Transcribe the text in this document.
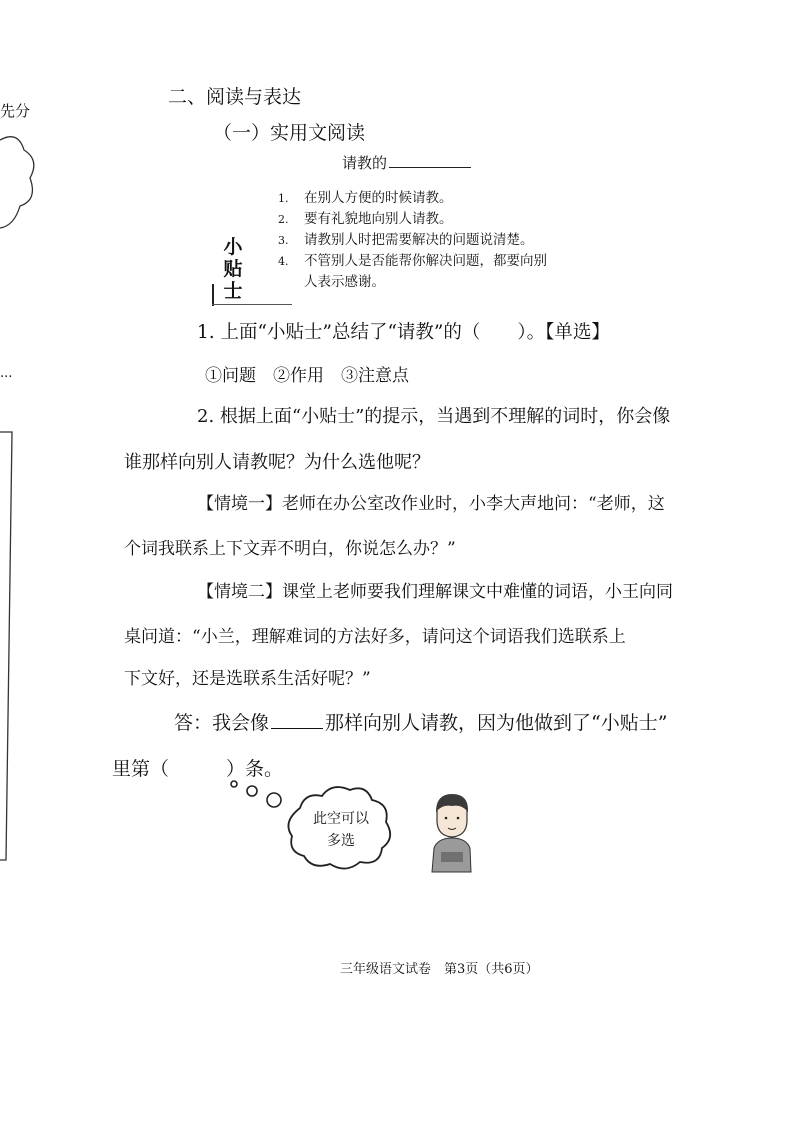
先分
...
二、阅读与表达
（一）实用文阅读
请教的
1. 在别人方便的时候请教。
2. 要有礼貌地向别人请教。
3. 请教别人时把需要解决的问题说清楚。
4. 不管别人是否能帮你解决问题，都要向别
人表示感谢。
小贴士
1. 上面“小贴士”总结了“请教”的（　　）。【单选】
①问题　②作用　③注意点
2. 根据上面“小贴士”的提示，当遇到不理解的词时，你会像
谁那样向别人请教呢？为什么选他呢？
【情境一】老师在办公室改作业时，小李大声地问：“老师，这
个词我联系上下文弄不明白，你说怎么办？”
【情境二】课堂上老师要我们理解课文中难懂的词语，小王向同
桌问道：“小兰，理解难词的方法好多，请问这个词语我们选联系上
下文好，还是选联系生活好呢？”
答：我会像	那样向别人请教，因为他做到了“小贴士”
里第（　　　）条。
此空可以多选
三年级语文试卷　第3页（共6页）
